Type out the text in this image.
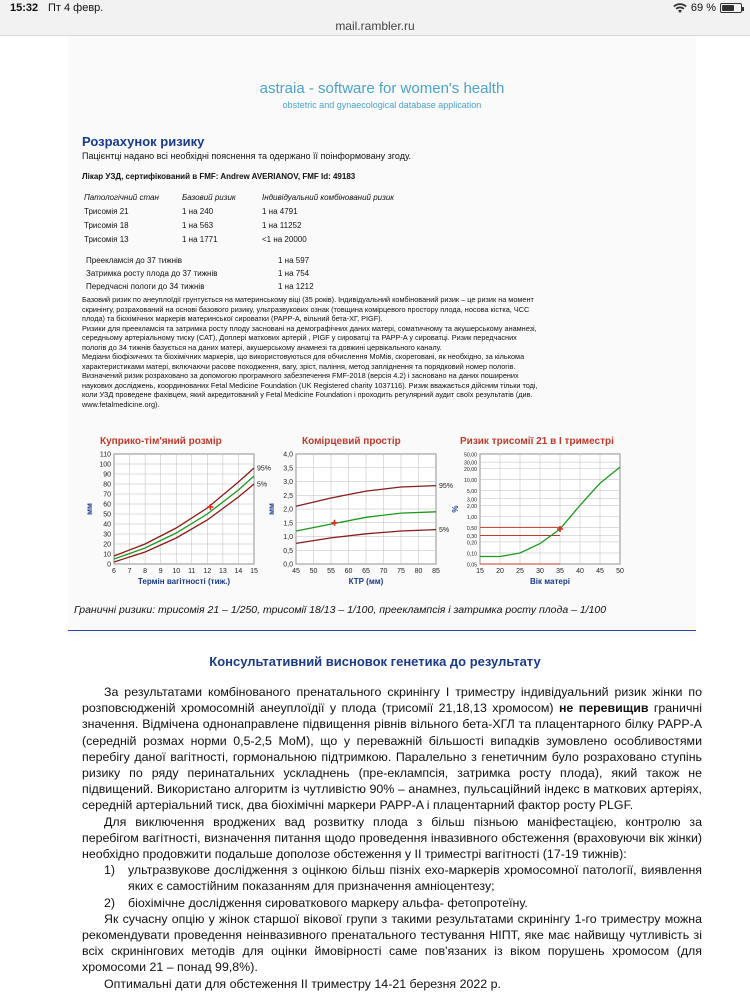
15:32 Пт 4 февр.	69 %
mail.rambler.ru
astraia - software for women's health
obstetric and gynaecological database application
Розрахунок ризику
Пацієнтці надано всі необхідні пояснення та одержано її поінформовану згоду.
Лікар УЗД, сертифікований в FMF: Andrew AVERIANOV, FMF Id: 49183
Патологічний стан	Базовий ризик	Індивідуальний комбінований ризик
Трисомія 21	1 на 240	1 на 4791
Трисомія 18	1 на 563	1 на 11252
Трисомія 13	1 на 1771	<1 на 20000
Преекламсія до 37 тижнів	1 на 597
Затримка росту плода до 37 тижнів	1 на 754
Передчасні пологи до 34 тижнів	1 на 1212
Базовий ризик по анеуплоїдії грунтується на материнському віці (35 років). Індивідуальний комбінований ризик – це ризик на момент
скринінгу, розрахований на основі базового ризику, ультразвукових ознак (товщина комірцевого простору плода, носова кістка, ЧСС
плода) та біохімічних маркерів материнської сироватки (PAPP-A, вільний бета-ХГ, PIGF).
Ризики для преекламсія та затримка росту плоду засновані на демографічних даних матері, соматичному та акушерському анамнезі,
середньому артеріальному тиску (САТ), Доплері маткових артерій , PIGF у сироватці та PAPP-A у сироватці. Ризик передчасних
пологів до 34 тижнів базується на даних матері, акушерському анамнезі та довжині цервікального каналу.
Медіани біофізичних та біохімічних маркерів, що використовуються для обчислення MoMів, скореговані, як необхідно, за кількома
характеристиками матері, включаючи расове походження, вагу, зріст, паління, метод запліднення та порядковий номер пологів.
Визначений ризик розраховано за допомогою програмного забезпечення FMF-2018 (версія 4.2) і засновано на даних поширених
наукових досліджень, координованих Fetal Medicine Foundation (UK Registered charity 1037116). Ризик вважається дійсним тільки тоді,
коли УЗД проведене фахівцем, який акредитований у Fetal Medicine Foundation і проходить регулярний аудит своїх результатів (див.
www.fetalmedicine.org).
Куприко-тім'яний розмір
6 7 8 9 10 11 12 13 14 15
0
10
20
30
40
50
60
70
80
90
100
110
95%
5%
Термін вагітності (тиж.)
мм
Комірцевий простір
45 50 55 60 65 70 75 80 85
0,0
0,5
1,0
1,5
2,0
2,5
3,0
3,5
4,0
95%
5%
КТР (мм)
мм
Ризик трисомії 21 в I триместрі
15 20 25 30 35 40 45 50
0,05
0,10
0,20
0,30
0,50
1,00
2,00
3,00
5,00
10,00
20,00
30,00
50,00
Вік матері
%
Граничні ризики: трисомія 21 – 1/250, трисомії 18/13 – 1/100, прееклампсія і затримка росту плода – 1/100
Консультативний висновок генетика до результату

За результатами комбінованого пренатального скринінгу I триместру індивідуальний ризик жінки по розповсюдженій хромосомній анеуплоїдії у плода (трисомії 21,18,13 хромосом) не перевищив граничні значення. Відмічена однонаправлене підвищення рівнів вільного бета-ХГЛ та плацентарного білку PAPP-A (середній розмах норми 0,5-2,5 МоМ), що у переважній більшості випадків зумовлено особливостями перебігу даної вагітності, гормональною підтримкою. Паралельно з генетичним було розраховано ступінь ризику по ряду перинатальних ускладнень (пре-еклампсія, затримка росту плода), який також не підвищений. Використано алгоритм із чутливістю 90% – анамнез, пульсаційний індекс в маткових артеріях, середній артеріальний тиск, два біохімічні маркери PAPP-A і плацентарний фактор росту PLGF.

Для виключення вроджених вад розвитку плода з більш пізньою маніфестацією, контролю за перебігом вагітності, визначення питання щодо проведення інвазивного обстеження (враховуючи вік жінки) необхідно продовжити подальше дополозе обстеження у II триместрі вагітності (17-19 тижнів):

1)	ультразвукове дослідження з оцінкою більш пізніх ехо-маркерів хромосомної патології, виявлення яких є самостійним показанням для призначення амніоцентезу;
2)	біохімічне дослідження сироваткового маркеру альфа- фетопротеїну.

Як сучасну опцію у жінок старшої вікової групи з такими результатами скринінгу 1-го триместру можна рекомендувати проведення неінвазивного пренатального тестування НІПТ, яке має найвищу чутливість зі всіх скринінгових методів для оцінки ймовірності саме пов'язаних із віком порушень хромосом (для хромосоми 21 – понад 99,8%).

Оптимальні дати для обстеження II триместру 14-21 березня 2022 р.
